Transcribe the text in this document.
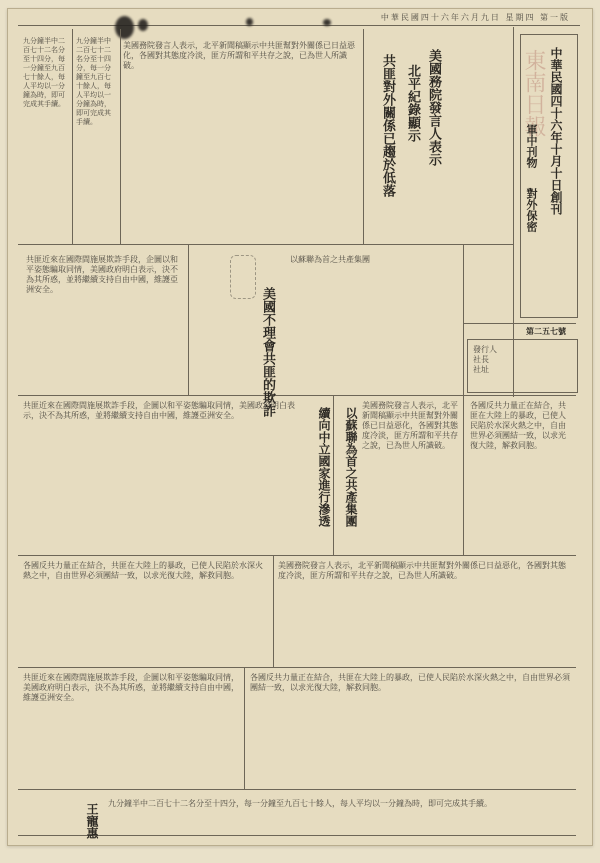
中華民國四十六年六月九日 星期四 第一版
中華民國四十六年十月十日創刊
東南日報
軍中刊物
對外保密
第二五七號
發行人
社長
社址
九分鐘半中二百七十二名分至十四分，每一分鐘至九百七十餘人，每人平均以一分鐘為時，即可完成其手續。
九分鐘半中二百七十二名分至十四分，每一分鐘至九百七十餘人，每人平均以一分鐘為時，即可完成其手續。	美國務院發言人表示
北平紀錄顯示
共匪對外關係已趨於低落
美國務院發言人表示，北平新聞稿顯示中共匪幫對外關係已日益惡化，各國對其態度冷淡，匪方所謂和平共存之說，已為世人所識破。
美國不理會共匪的欺詐
共匪近來在國際間施展欺詐手段，企圖以和平姿態騙取同情，美國政府明白表示，決不為其所惑，並將繼續支持自由中國，維護亞洲安全。
以蘇聯為首之共產集團
各國反共力量正在結合，共匪在大陸上的暴政，已使人民陷於水深火熱之中，自由世界必須團結一致，以求光復大陸，解救同胞。
以蘇聯為首之共產集團
續向中立國家進行滲透
共匪近來在國際間施展欺詐手段，企圖以和平姿態騙取同情，美國政府明白表示，決不為其所惑，並將繼續支持自由中國，維護亞洲安全。
美國務院發言人表示，北平新聞稿顯示中共匪幫對外關係已日益惡化，各國對其態度冷淡，匪方所謂和平共存之說，已為世人所識破。
各國反共力量正在結合，共匪在大陸上的暴政，已使人民陷於水深火熱之中，自由世界必須團結一致，以求光復大陸，解救同胞。
美國務院發言人表示，北平新聞稿顯示中共匪幫對外關係已日益惡化，各國對其態度冷淡，匪方所謂和平共存之說，已為世人所識破。
共匪近來在國際間施展欺詐手段，企圖以和平姿態騙取同情，美國政府明白表示，決不為其所惑，並將繼續支持自由中國，維護亞洲安全。
各國反共力量正在結合，共匪在大陸上的暴政，已使人民陷於水深火熱之中，自由世界必須團結一致，以求光復大陸，解救同胞。
王寵惠 九分鐘半中二百七十二名分至十四分，每一分鐘至九百七十餘人，每人平均以一分鐘為時，即可完成其手續。
